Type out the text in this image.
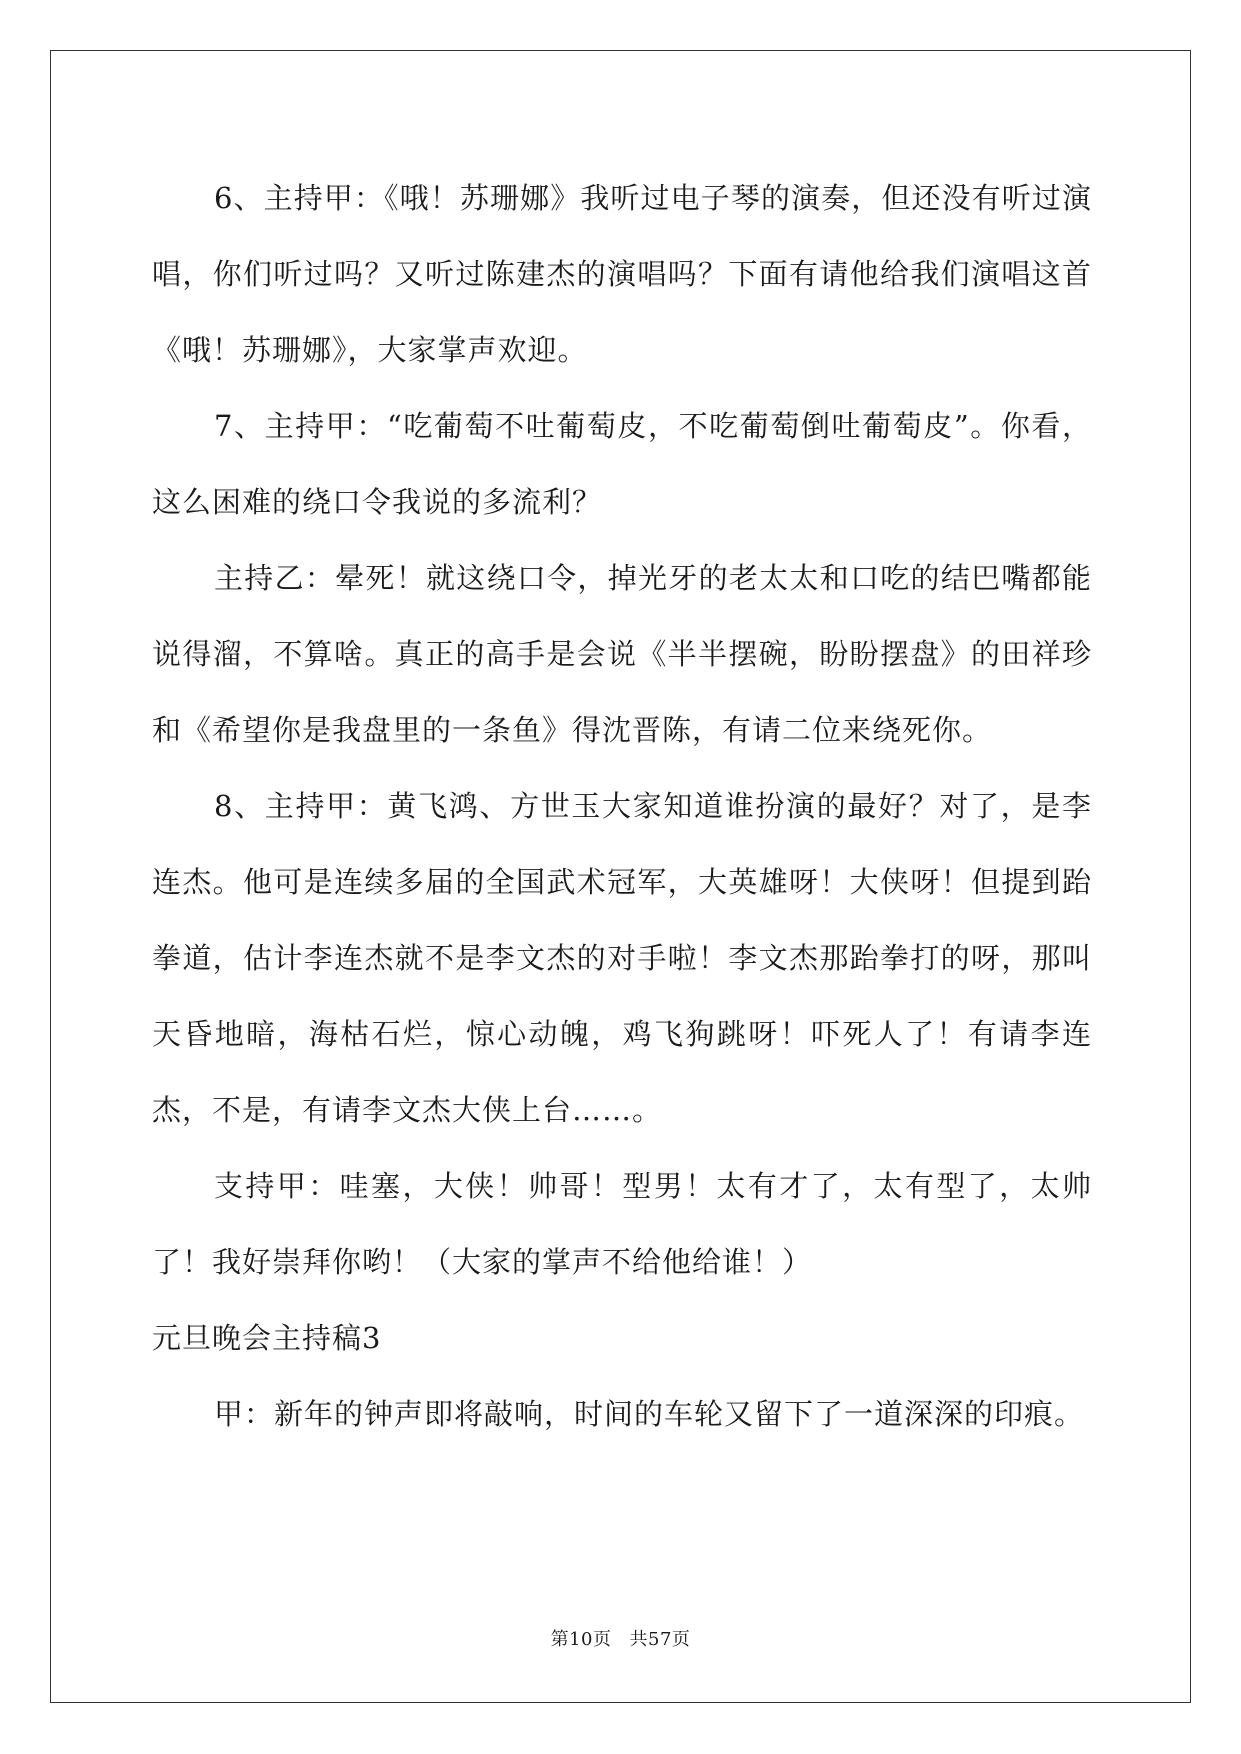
6、主持甲：《哦！苏珊娜》我听过电子琴的演奏，但还没有听过演唱，你们听过吗？又听过陈建杰的演唱吗？下面有请他给我们演唱这首《哦！苏珊娜》，大家掌声欢迎。

7、主持甲：“吃葡萄不吐葡萄皮，不吃葡萄倒吐葡萄皮”。你看，这么困难的绕口令我说的多流利？

主持乙：晕死！就这绕口令，掉光牙的老太太和口吃的结巴嘴都能说得溜，不算啥。真正的高手是会说《半半摆碗，盼盼摆盘》的田祥珍和《希望你是我盘里的一条鱼》得沈晋陈，有请二位来绕死你。

8、主持甲：黄飞鸿、方世玉大家知道谁扮演的最好？对了，是李连杰。他可是连续多届的全国武术冠军，大英雄呀！大侠呀！但提到跆拳道，估计李连杰就不是李文杰的对手啦！李文杰那跆拳打的呀，那叫天昏地暗，海枯石烂，惊心动魄，鸡飞狗跳呀！吓死人了！有请李连杰，不是，有请李文杰大侠上台……。

支持甲：哇塞，大侠！帅哥！型男！太有才了，太有型了，太帅了！我好崇拜你哟！（大家的掌声不给他给谁！）

元旦晚会主持稿3

甲：新年的钟声即将敲响，时间的车轮又留下了一道深深的印痕。

第10页 共57页
